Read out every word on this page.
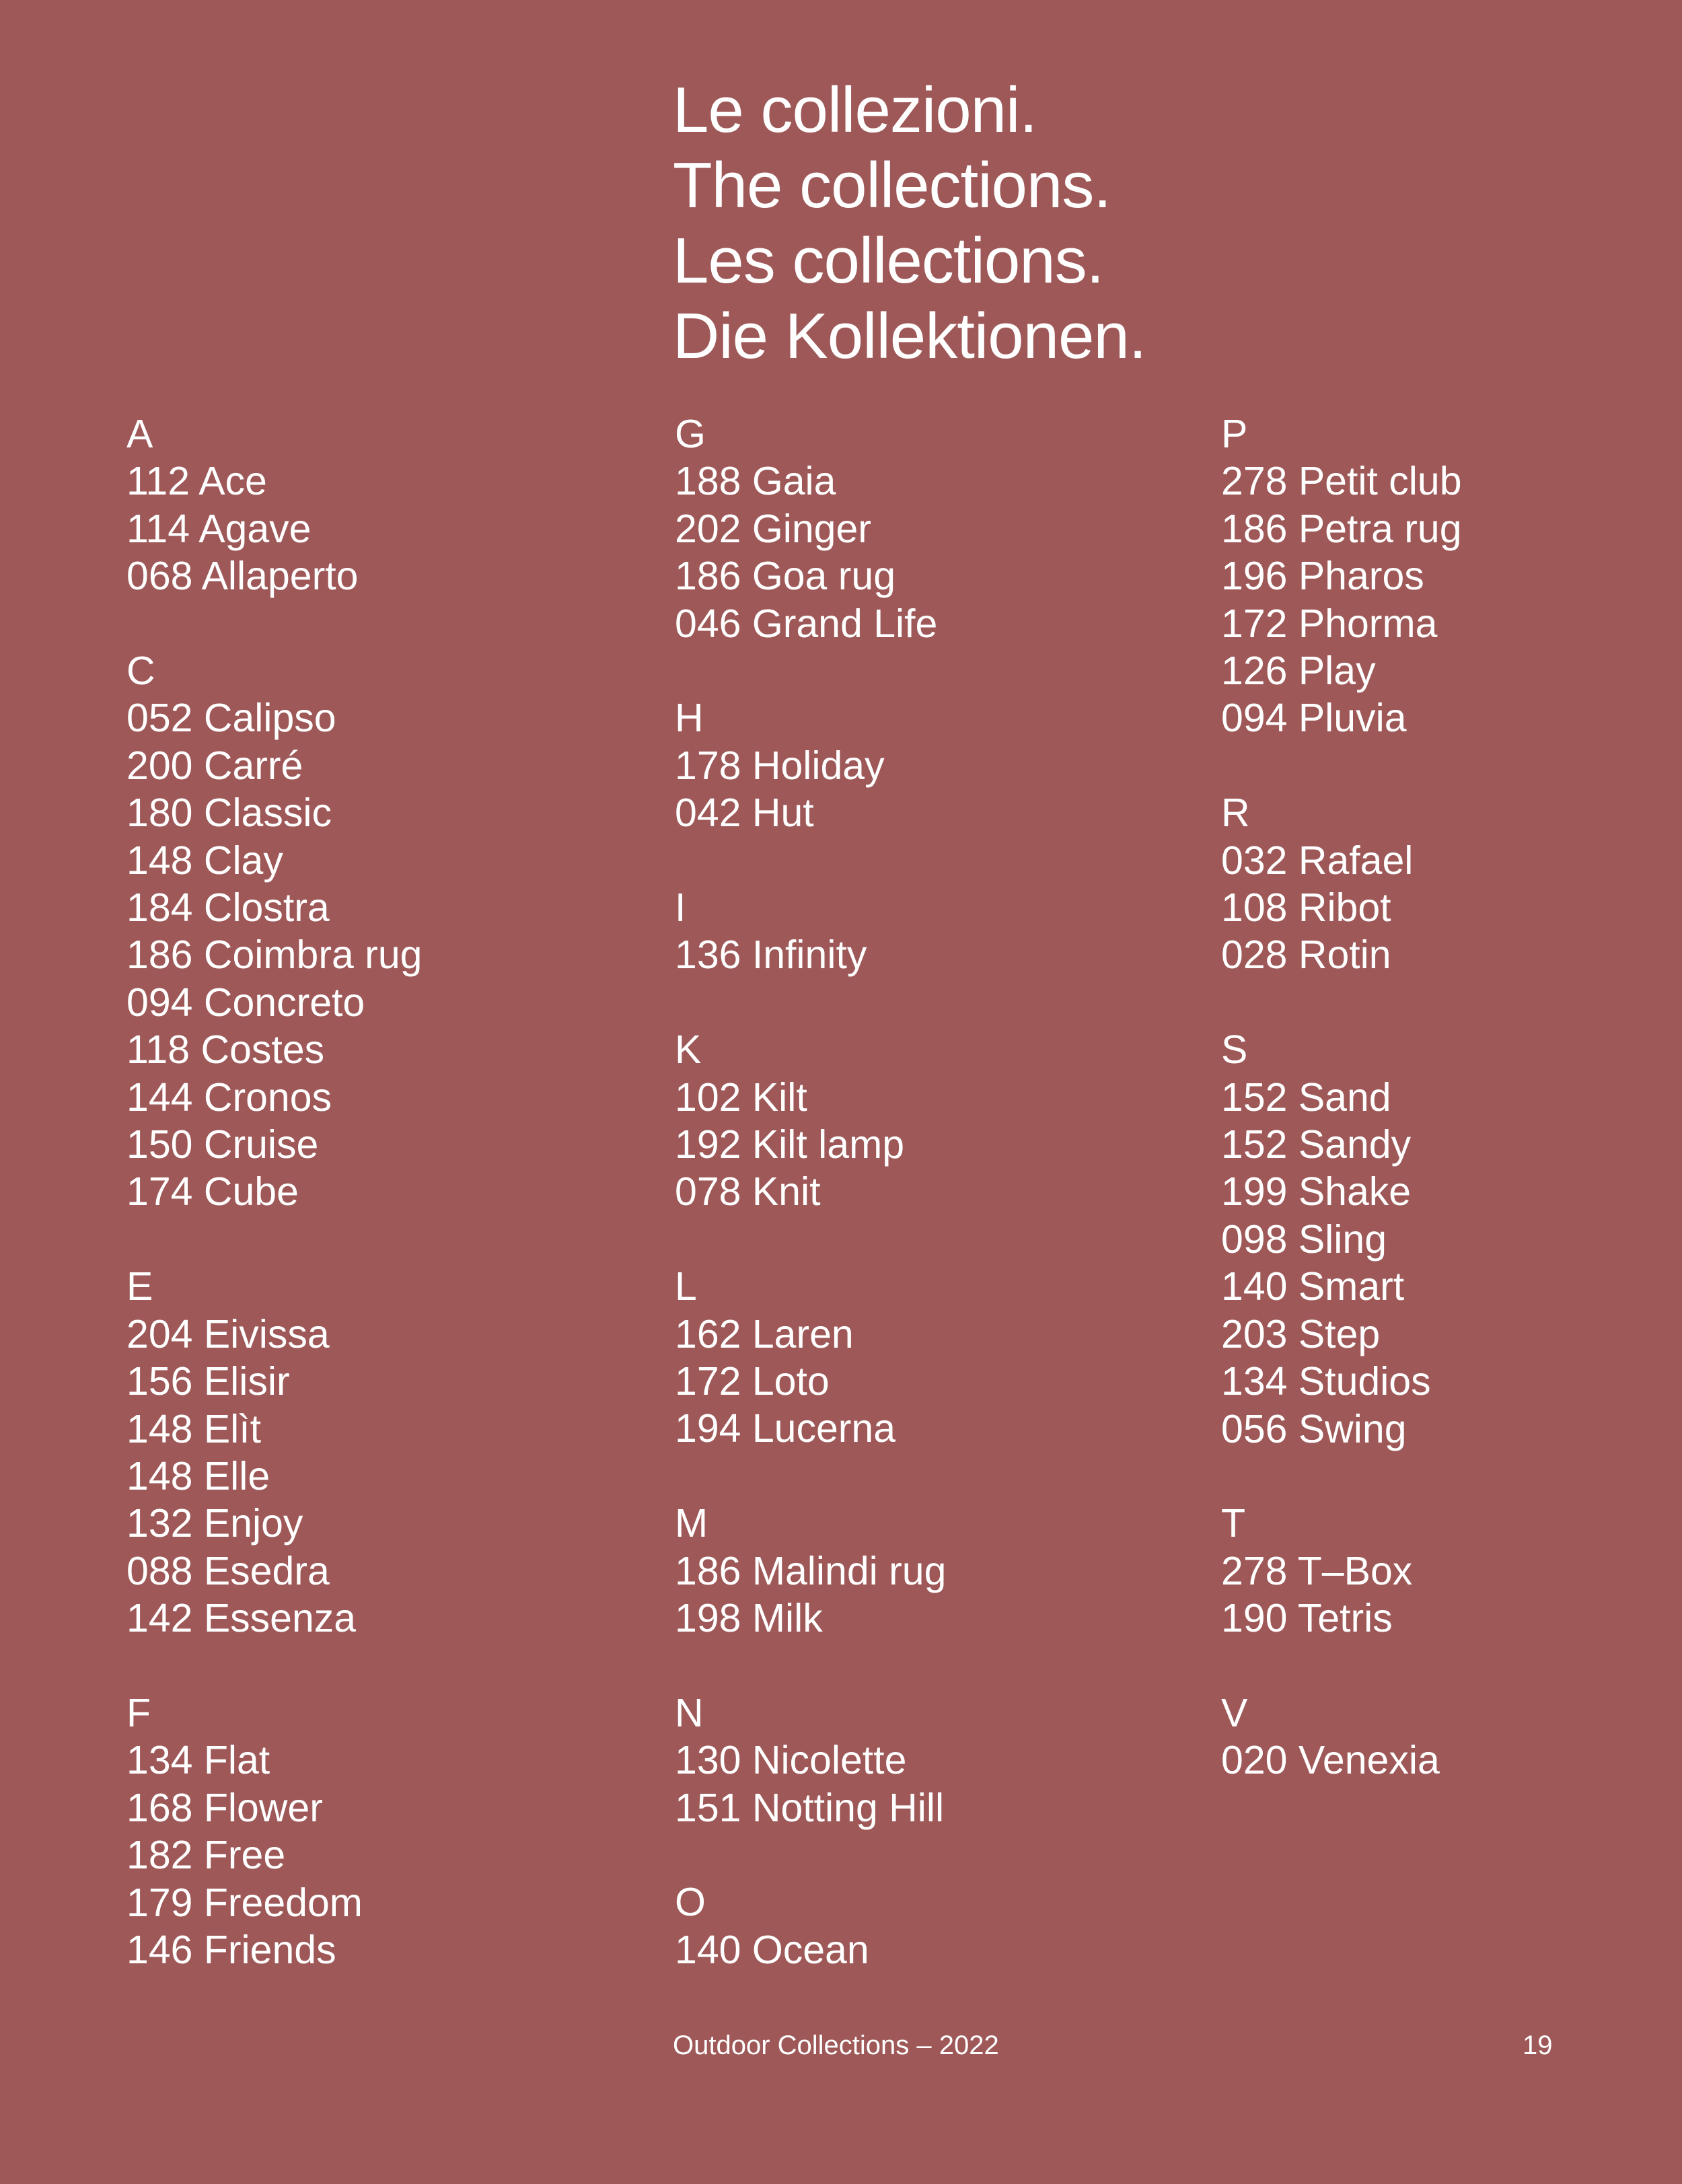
Le collezioni.
The collections.
Les collections.
Die Kollektionen.
A
112 Ace
114 Agave
068 Allaperto
C
052 Calipso
200 Carré
180 Classic
148 Clay
184 Clostra
186 Coimbra rug
094 Concreto
118 Costes
144 Cronos
150 Cruise
174 Cube
E
204 Eivissa
156 Elisir
148 Elìt
148 Elle
132 Enjoy
088 Esedra
142 Essenza
F
134 Flat
168 Flower
182 Free
179 Freedom
146 Friends
G
188 Gaia
202 Ginger
186 Goa rug
046 Grand Life
H
178 Holiday
042 Hut
I
136 Infinity
K
102 Kilt
192 Kilt lamp
078 Knit
L
162 Laren
172 Loto
194 Lucerna
M
186 Malindi rug
198 Milk
N
130 Nicolette
151 Notting Hill
O
140 Ocean
P
278 Petit club
186 Petra rug
196 Pharos
172 Phorma
126 Play
094 Pluvia
R
032 Rafael
108 Ribot
028 Rotin
S
152 Sand
152 Sandy
199 Shake
098 Sling
140 Smart
203 Step
134 Studios
056 Swing
T
278 T–Box
190 Tetris
V
020 Venexia
Outdoor Collections – 2022	19
